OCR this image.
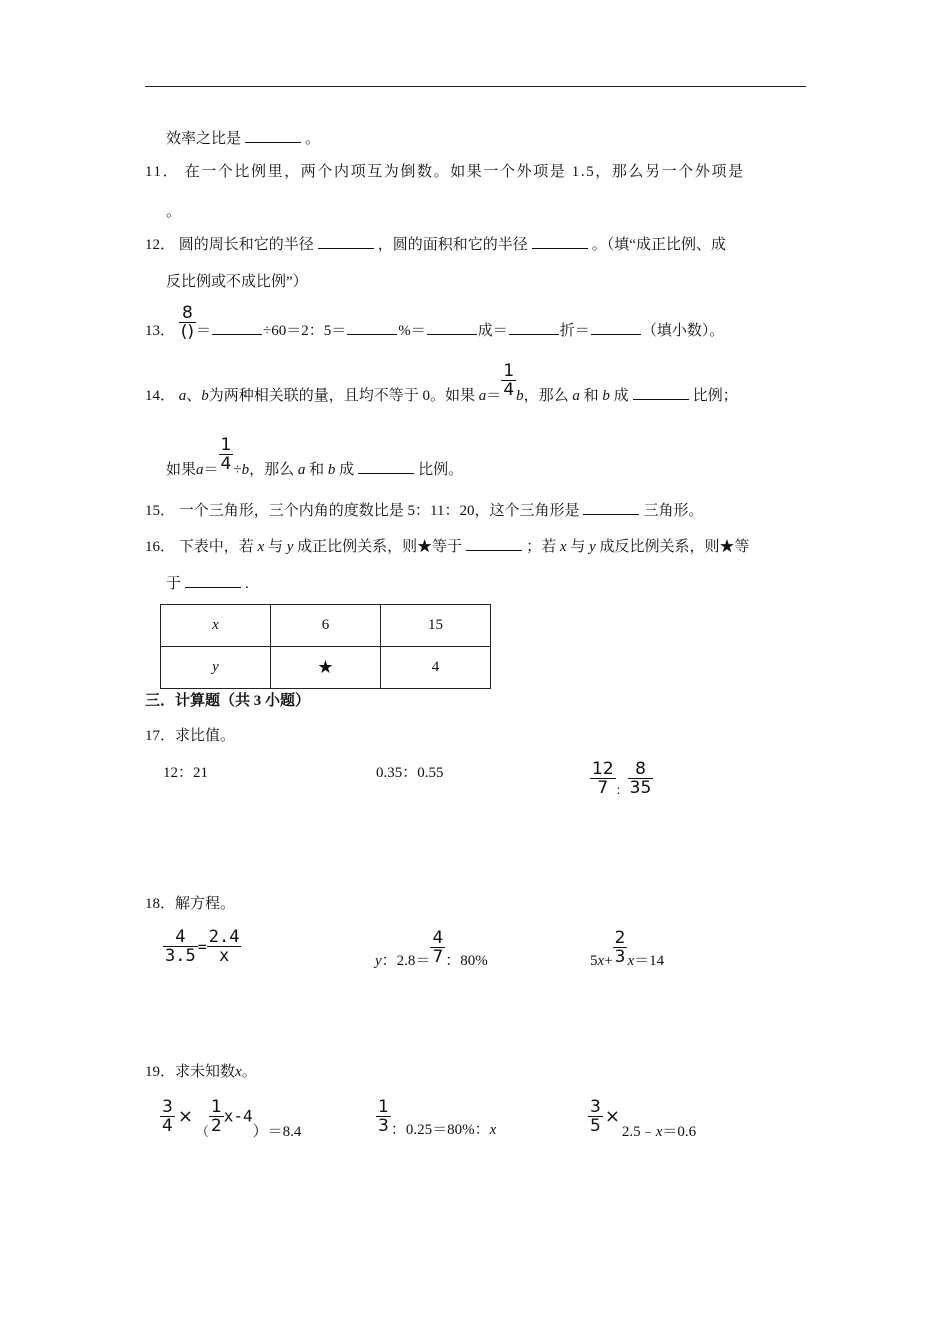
效率之比是	。
11． 在一个比例里，两个内项互为倒数。如果一个外项是 1.5，那么另一个外项是
。
12． 圆的周长和它的半径	，圆的面积和它的半径	。（填“成正比例、成
反比例或不成比例”）
13．
8
() ＝	÷60＝2：5＝	%＝	成＝	折＝	（填小数）。
14． a、b为两种相关联的量，且均不等于 0。如果 $a= \frac{1}{4}$ b，那么 a 和 b 成	比例；
如果$a= \frac{1}{4} \div b$，那么 a 和 b 成	比例。
15． 一个三角形，三个内角的度数比是 5：11：20，这个三角形是	三角形。
16． 下表中，若 x 与 y 成正比例关系，则★等于	；若 x 与 y 成反比例关系，则★等
于	.
x	6	15
y	★	4
三．计算题（共 3 小题）
17．求比值。
12：21	0.35：0.55	$\frac{12}{7} _: \frac{8}{35}$
18．解方程。
$\frac{4}{3.5} = \frac{2.4}{x}$	y：$2.8= \frac{4}{7}$ ：80%	$5x+ \frac{2}{3} x=14$
19．求未知数x。
$\frac{3}{4}$ ×（ $\frac{1}{2} x-4)=8.4$	$\frac{1}{3}$ ：0.25＝80%：x	$\frac{3}{5}$ ×2.5﹣x＝0.6
